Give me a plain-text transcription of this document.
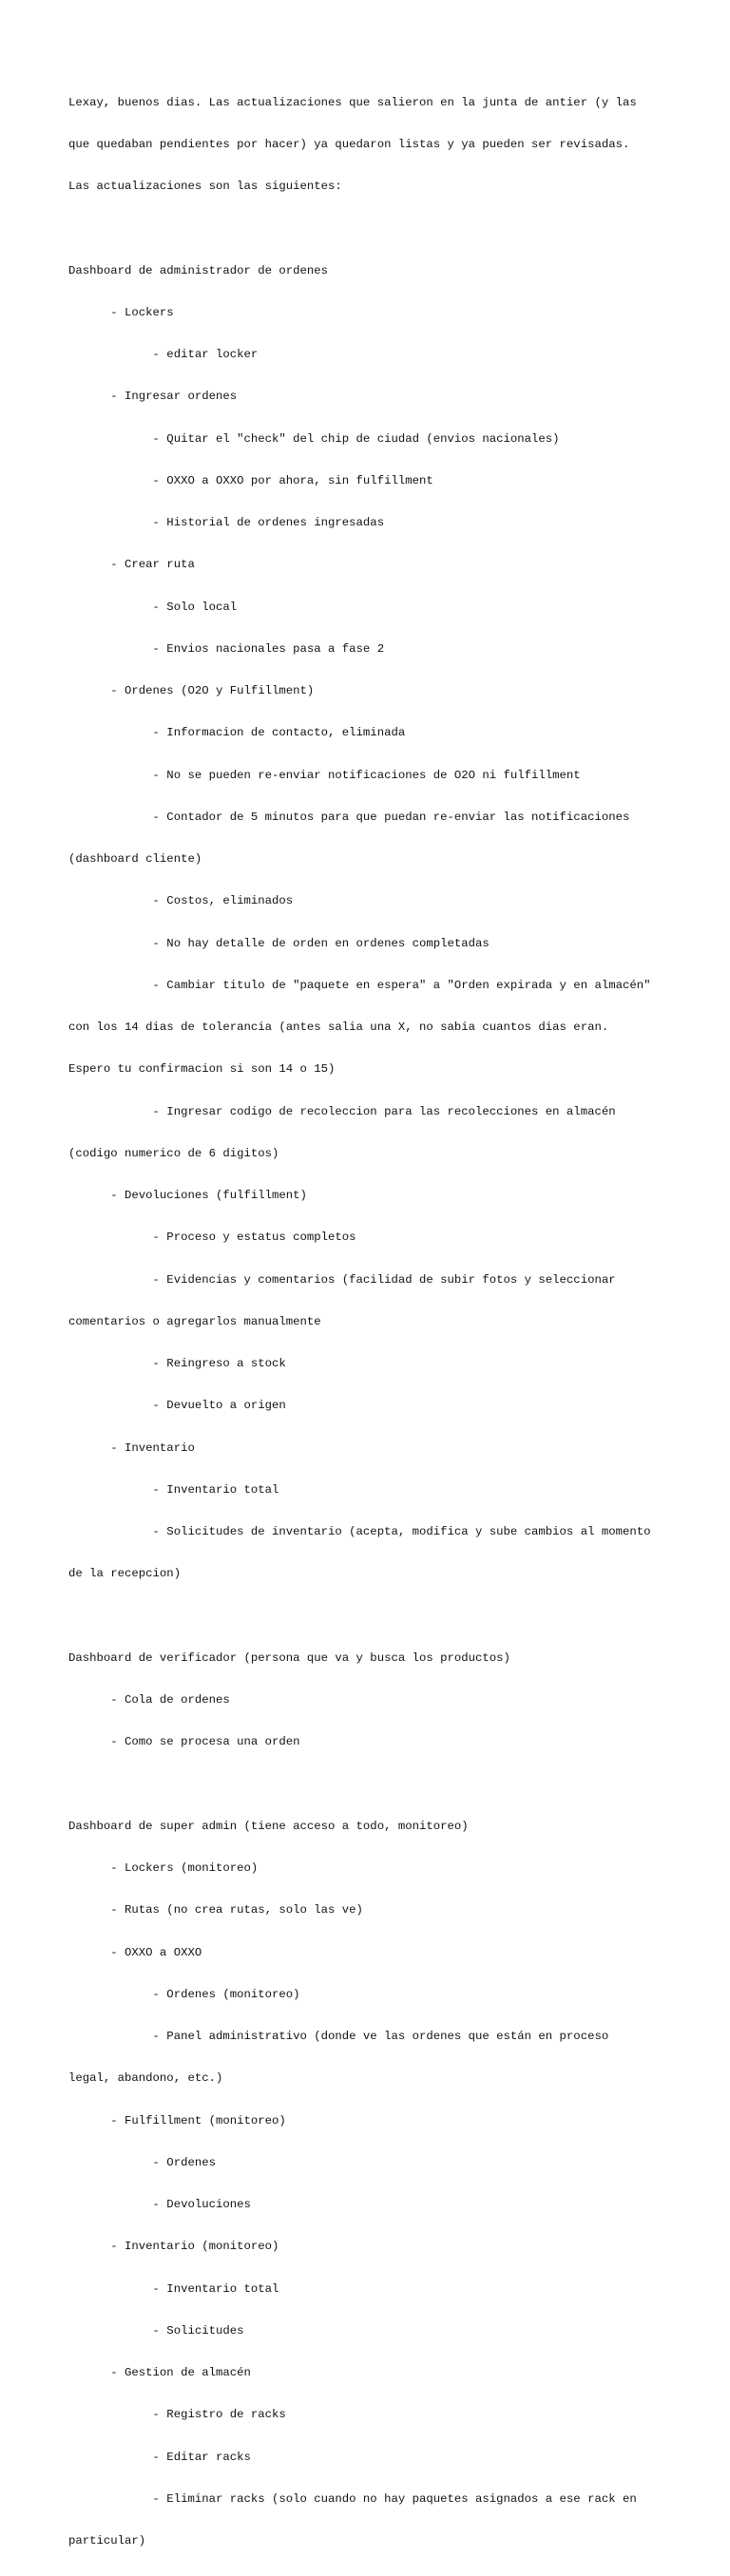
Lexay, buenos dias. Las actualizaciones que salieron en la junta de antier (y las

que quedaban pendientes por hacer) ya quedaron listas y ya pueden ser revisadas.

Las actualizaciones son las siguientes:

Dashboard de administrador de ordenes

- Lockers

- editar locker

- Ingresar ordenes

- Quitar el "check" del chip de ciudad (envios nacionales)

- OXXO a OXXO por ahora, sin fulfillment

- Historial de ordenes ingresadas

- Crear ruta

- Solo local

- Envios nacionales pasa a fase 2

- Ordenes (O2O y Fulfillment)

- Informacion de contacto, eliminada

- No se pueden re-enviar notificaciones de O2O ni fulfillment

- Contador de 5 minutos para que puedan re-enviar las notificaciones

(dashboard cliente)

- Costos, eliminados

- No hay detalle de orden en ordenes completadas

- Cambiar titulo de "paquete en espera" a "Orden expirada y en almacén"

con los 14 dias de tolerancia (antes salia una X, no sabia cuantos dias eran.

Espero tu confirmacion si son 14 o 15)

- Ingresar codigo de recoleccion para las recolecciones en almacén

(codigo numerico de 6 digitos)

- Devoluciones (fulfillment)

- Proceso y estatus completos

- Evidencias y comentarios (facilidad de subir fotos y seleccionar

comentarios o agregarlos manualmente

- Reingreso a stock

- Devuelto a origen

- Inventario

- Inventario total

- Solicitudes de inventario (acepta, modifica y sube cambios al momento

de la recepcion)

Dashboard de verificador (persona que va y busca los productos)

- Cola de ordenes

- Como se procesa una orden

Dashboard de super admin (tiene acceso a todo, monitoreo)

- Lockers (monitoreo)

- Rutas (no crea rutas, solo las ve)

- OXXO a OXXO

- Ordenes (monitoreo)

- Panel administrativo (donde ve las ordenes que están en proceso

legal, abandono, etc.)

- Fulfillment (monitoreo)

- Ordenes

- Devoluciones

- Inventario (monitoreo)

- Inventario total

- Solicitudes

- Gestion de almacén

- Registro de racks

- Editar racks

- Eliminar racks (solo cuando no hay paquetes asignados a ese rack en

particular)
